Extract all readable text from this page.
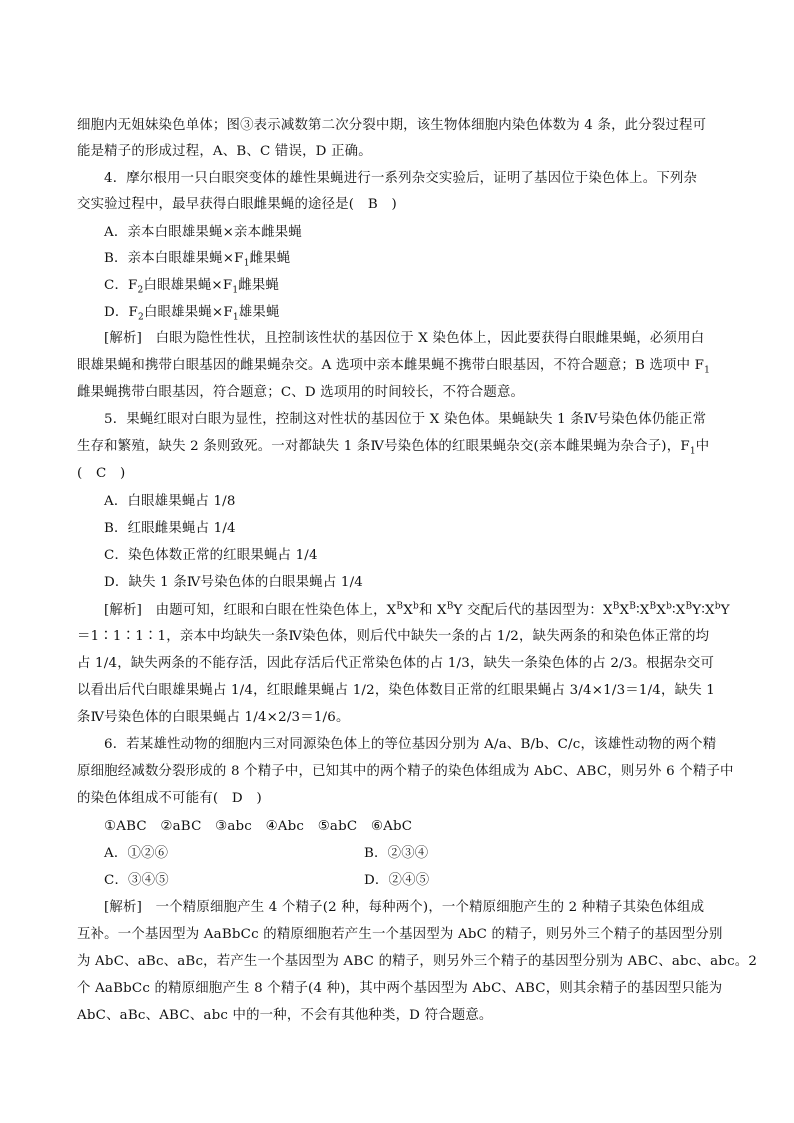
细胞内无姐妹染色单体；图③表示减数第二次分裂中期，该生物体细胞内染色体数为 4 条，此分裂过程可
能是精子的形成过程，A、B、C 错误，D 正确。
4．摩尔根用一只白眼突变体的雄性果蝇进行一系列杂交实验后，证明了基因位于染色体上。下列杂
交实验过程中，最早获得白眼雌果蝇的途径是(　B　)
A．亲本白眼雄果蝇×亲本雌果蝇
B．亲本白眼雄果蝇$\times F_1$雌果蝇
C．$F_2$白眼雄果蝇$\times F_1$雌果蝇
D．$F_2$白眼雄果蝇$\times F_1$雄果蝇
[解析]　白眼为隐性性状，且控制该性状的基因位于 X 染色体上，因此要获得白眼雌果蝇，必须用白
眼雄果蝇和携带白眼基因的雌果蝇杂交。A 选项中亲本雌果蝇不携带白眼基因，不符合题意；B 选项中 $F_1$
雌果蝇携带白眼基因，符合题意；C、D 选项用的时间较长，不符合题意。
5．果蝇红眼对白眼为显性，控制这对性状的基因位于 X 染色体。果蝇缺失 1 条Ⅳ号染色体仍能正常
生存和繁殖，缺失 2 条则致死。一对都缺失 1 条Ⅳ号染色体的红眼果蝇杂交(亲本雌果蝇为杂合子)，$F_1$中
(　C　)
A．白眼雄果蝇占 1/8
B．红眼雌果蝇占 1/4
C．染色体数正常的红眼果蝇占 1/4
D．缺失 1 条Ⅳ号染色体的白眼果蝇占 1/4
[解析]　由题可知，红眼和白眼在性染色体上，$X^BX^b$和 $X^BY$ 交配后代的基因型为：$X^BX^B∶X^BX^b∶X^BY∶X^bY$
＝1∶1∶1∶1，亲本中均缺失一条Ⅳ染色体，则后代中缺失一条的占 1/2，缺失两条的和染色体正常的均
占 1/4，缺失两条的不能存活，因此存活后代正常染色体的占 1/3，缺失一条染色体的占 2/3。根据杂交可
以看出后代白眼雄果蝇占 1/4，红眼雌果蝇占 1/2，染色体数目正常的红眼果蝇占 3/4×1/3＝1/4，缺失 1
条Ⅳ号染色体的白眼果蝇占 1/4×2/3＝1/6。
6．若某雄性动物的细胞内三对同源染色体上的等位基因分别为 A/a、B/b、C/c，该雄性动物的两个精
原细胞经减数分裂形成的 8 个精子中，已知其中的两个精子的染色体组成为 AbC、ABC，则另外 6 个精子中
的染色体组成不可能有(　D　)
①ABC　②aBC　③abc　④Abc　⑤abC　⑥AbC
A．①②⑥	B．②③④
C．③④⑤	D．②④⑤
[解析]　一个精原细胞产生 4 个精子(2 种，每种两个)，一个精原细胞产生的 2 种精子其染色体组成
互补。一个基因型为 AaBbCc 的精原细胞若产生一个基因型为 AbC 的精子，则另外三个精子的基因型分别
为 AbC、aBc、aBc，若产生一个基因型为 ABC 的精子，则另外三个精子的基因型分别为 ABC、abc、abc。2
个 AaBbCc 的精原细胞产生 8 个精子(4 种)，其中两个基因型为 AbC、ABC，则其余精子的基因型只能为
AbC、aBc、ABC、abc 中的一种，不会有其他种类，D 符合题意。
